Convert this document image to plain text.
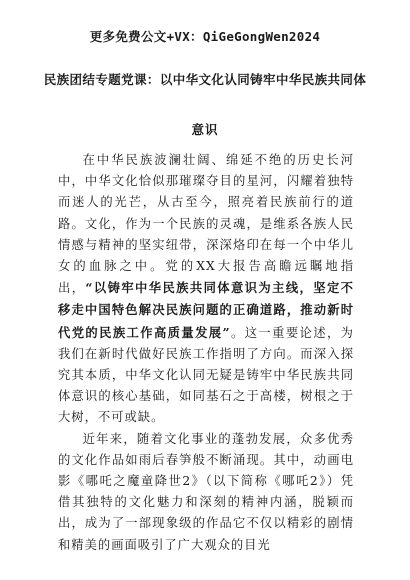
更多免费公文+VX：QiGeGongWen2024
民族团结专题党课：以中华文化认同铸牢中华民族共同体
意识

在中华民族波澜壮阔、绵延不绝的历史长河中，中华文化恰似那璀璨夺目的星河，闪耀着独特而迷人的光芒，从古至今，照亮着民族前行的道路。文化，作为一个民族的灵魂，是维系各族人民情感与精神的坚实纽带，深深烙印在每一个中华儿女的血脉之中。党的XX大报告高瞻远瞩地指出，“以铸牢中华民族共同体意识为主线，坚定不移走中国特色解决民族问题的正确道路，推动新时代党的民族工作高质量发展”。这一重要论述，为我们在新时代做好民族工作指明了方向。而深入探究其本质，中华文化认同无疑是铸牢中华民族共同体意识的核心基础，如同基石之于高楼，树根之于大树，不可或缺。

近年来，随着文化事业的蓬勃发展，众多优秀的文化作品如雨后春笋般不断涌现。其中，动画电影《哪吒之魔童降世2》（以下简称《哪吒2》）凭借其独特的文化魅力和深刻的精神内涵，脱颖而出，成为了一部现象级的作品它不仅以精彩的剧情和精美的画面吸引了广大观众的目光
